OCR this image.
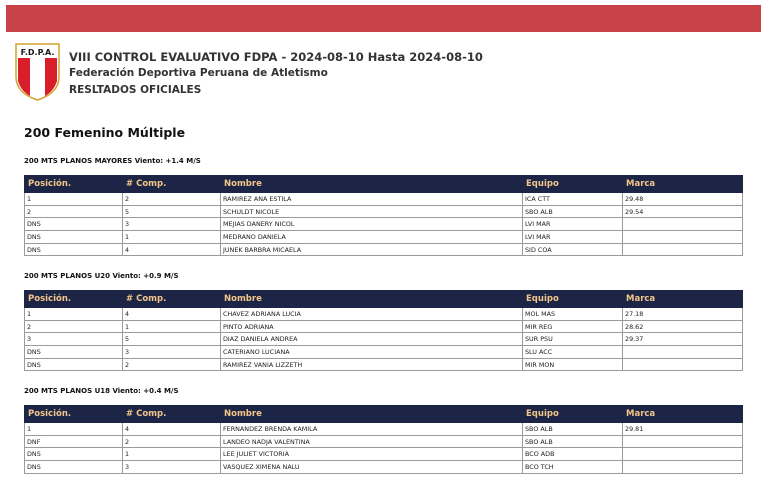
F.D.P.A. VIII CONTROL EVALUATIVO FDPA - 2024-08-10 Hasta 2024-08-10
Federación Deportiva Peruana de Atletismo
RESLTADOS OFICIALES
200 Femenino Múltiple
200 MTS PLANOS MAYORES Viento: +1.4 M/S
Posición.	# Comp.	Nombre	Equipo	Marca
1	2	RAMIREZ ANA ESTILA	ICA CTT	29.48
2	5	SCHULDT NICOLE	SBO ALB	29.54
DNS	3	MEJIAS DANERY NICOL	LVI MAR	
DNS	1	MEDRANO DANIELA	LVI MAR	
DNS	4	JUNEK BARBRA MICAELA	SID COA	
200 MTS PLANOS U20 Viento: +0.9 M/S
Posición.	# Comp.	Nombre	Equipo	Marca
1	4	CHAVEZ ADRIANA LUCIA	MOL MAS	27.18
2	1	PINTO ADRIANA	MIR REG	28.62
3	5	DIAZ DANIELA ANDREA	SUR PSU	29.37
DNS	3	CATERIANO LUCIANA	SLU ACC	
DNS	2	RAMIREZ VANIA LIZZETH	MIR MON	
200 MTS PLANOS U18 Viento: +0.4 M/S
Posición.	# Comp.	Nombre	Equipo	Marca
1	4	FERNANDEZ BRENDA KAMILA	SBO ALB	29.81
DNF	2	LANDEO NADJA VALENTINA	SBO ALB	
DNS	1	LEE JULIET VICTORIA	BCO ADB	
DNS	3	VASQUEZ XIMENA NALU	BCO TCH	
